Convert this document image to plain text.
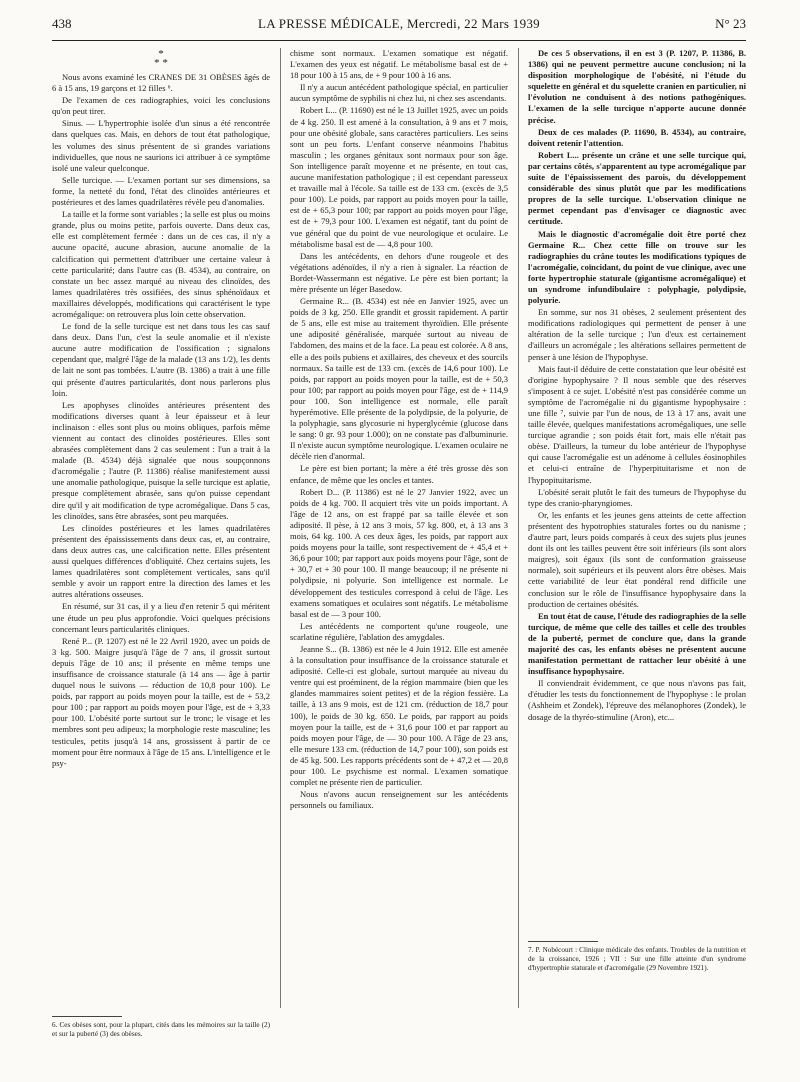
438	LA PRESSE MÉDICALE, Mercredi, 22 Mars 1939	N° 23
*
* *

Nous avons examiné les CRANES DE 31 OBÈSES âgés de 6 à 15 ans, 19 garçons et 12 filles ⁶.

De l'examen de ces radiographies, voici les conclusions qu'on peut tirer.

Sinus. — L'hypertrophie isolée d'un sinus a été rencontrée dans quelques cas. Mais, en dehors de tout état pathologique, les volumes des sinus présentent de si grandes variations individuelles, que nous ne saurions ici attribuer à ce symptôme isolé une valeur quelconque.

Selle turcique. — L'examen portant sur ses dimensions, sa forme, la netteté du fond, l'état des clinoïdes antérieures et postérieures et des lames quadrilatères révèle peu d'anomalies.

La taille et la forme sont variables ; la selle est plus ou moins grande, plus ou moins petite, parfois ouverte. Dans deux cas, elle est complètement fermée : dans un de ces cas, il n'y a aucune opacité, aucune abrasion, aucune anomalie de la calcification qui permettent d'attribuer une certaine valeur à cette particularité; dans l'autre cas (B. 4534), au contraire, on constate un bec assez marqué au niveau des clinoïdes, des lames quadrilatères très ossifiées, des sinus sphénoïdaux et maxillaires développés, modifications qui caractérisent le type acromégalique: on retrouvera plus loin cette observation.

Le fond de la selle turcique est net dans tous les cas sauf dans deux. Dans l'un, c'est la seule anomalie et il n'existe aucune autre modification de l'ossification ; signalons cependant que, malgré l'âge de la malade (13 ans 1/2), les dents de lait ne sont pas tombées. L'autre (B. 1386) a trait à une fille qui présente d'autres particularités, dont nous parlerons plus loin.

Les apophyses clinoïdes antérieures présentent des modifications diverses quant à leur épaisseur et à leur inclinaison : elles sont plus ou moins obliques, parfois même viennent au contact des clinoïdes postérieures. Elles sont abrasées complètement dans 2 cas seulement : l'un a trait à la malade (B. 4534) déjà signalée que nous soupçonnons d'acromégalie ; l'autre (P. 11386) réalise manifestement aussi une anomalie pathologique, puisque la selle turcique est aplatie, presque complètement abrasée, sans qu'on puisse cependant dire qu'il y ait modification de type acromégalique. Dans 5 cas, les clinoïdes, sans être abrasées, sont peu marquées.

Les clinoïdes postérieures et les lames quadrilatères présentent des épaississements dans deux cas, et, au contraire, dans deux autres cas, une calcification nette. Elles présentent aussi quelques différences d'obliquité. Chez certains sujets, les lames quadrilatères sont complètement verticales, sans qu'il semble y avoir un rapport entre la direction des lames et les autres altérations osseuses.

En résumé, sur 31 cas, il y a lieu d'en retenir 5 qui méritent une étude un peu plus approfondie. Voici quelques précisions concernant leurs particularités cliniques.

René P... (P. 1207) est né le 22 Avril 1920, avec un poids de 3 kg. 500. Maigre jusqu'à l'âge de 7 ans, il grossit surtout depuis l'âge de 10 ans; il présente en même temps une insuffisance de croissance staturale (à 14 ans — âge à partir duquel nous le suivons — réduction de 10,8 pour 100). Le poids, par rapport au poids moyen pour la taille, est de + 53,2 pour 100 ; par rapport au poids moyen pour l'âge, est de + 3,33 pour 100. L'obésité porte surtout sur le tronc; le visage et les membres sont peu adipeux; la morphologie reste masculine; les testicules, petits jusqu'à 14 ans, grossissent à partir de ce moment pour être normaux à l'âge de 15 ans. L'intelligence et le psy-

chisme sont normaux. L'examen somatique est négatif. L'examen des yeux est négatif. Le métabolisme basal est de + 18 pour 100 à 15 ans, de + 9 pour 100 à 16 ans.

Il n'y a aucun antécédent pathologique spécial, en particulier aucun symptôme de syphilis ni chez lui, ni chez ses ascendants.

Robert L... (P. 11690) est né le 13 Juillet 1925, avec un poids de 4 kg. 250. Il est amené à la consultation, à 9 ans et 7 mois, pour une obésité globale, sans caractères particuliers. Les seins sont un peu forts. L'enfant conserve néanmoins l'habitus masculin ; les organes génitaux sont normaux pour son âge. Son intelligence paraît moyenne et ne présente, en tout cas, aucune manifestation pathologique ; il est cependant paresseux et travaille mal à l'école. Sa taille est de 133 cm. (excès de 3,5 pour 100). Le poids, par rapport au poids moyen pour la taille, est de + 65,3 pour 100; par rapport au poids moyen pour l'âge, est de + 79,3 pour 100. L'examen est négatif, tant du point de vue général que du point de vue neurologique et oculaire. Le métabolisme basal est de — 4,8 pour 100.

Dans les antécédents, en dehors d'une rougeole et des végétations adénoïdes, il n'y a rien à signaler. La réaction de Bordet-Wassermann est négative. Le père est bien portant; la mère présente un léger Basedow.

Germaine R... (B. 4534) est née en Janvier 1925, avec un poids de 3 kg. 250. Elle grandit et grossit rapidement. A partir de 5 ans, elle est mise au traitement thyroïdien. Elle présente une adiposité généralisée, marquée surtout au niveau de l'abdomen, des mains et de la face. La peau est colorée. A 8 ans, elle a des poils pubiens et axillaires, des cheveux et des sourcils normaux. Sa taille est de 133 cm. (excès de 14,6 pour 100). Le poids, par rapport au poids moyen pour la taille, est de + 50,3 pour 100; par rapport au poids moyen pour l'âge, est de + 114,9 pour 100. Son intelligence est normale, elle paraît hyperémotive. Elle présente de la polydipsie, de la polyurie, de la polyphagie, sans glycosurie ni hyperglycémie (glucose dans le sang: 0 gr. 93 pour 1.000); on ne constate pas d'albuminurie. Il n'existe aucun symptôme neurologique. L'examen oculaire ne décèle rien d'anormal.

Le père est bien portant; la mère a été très grosse dès son enfance, de même que les oncles et tantes.

Robert D... (P. 11386) est né le 27 Janvier 1922, avec un poids de 4 kg. 700. Il acquiert très vite un poids important. A l'âge de 12 ans, on est frappé par sa taille élevée et son adiposité. Il pèse, à 12 ans 3 mois, 57 kg. 800, et, à 13 ans 3 mois, 64 kg. 100. A ces deux âges, les poids, par rapport aux poids moyens pour la taille, sont respectivement de + 45,4 et + 36,6 pour 100; par rapport aux poids moyens pour l'âge, sont de + 30,7 et + 30 pour 100. Il mange beaucoup; il ne présente ni polydipsie, ni polyurie. Son intelligence est normale. Le développement des testicules correspond à celui de l'âge. Les examens somatiques et oculaires sont négatifs. Le métabolisme basal est de — 3 pour 100.

Les antécédents ne comportent qu'une rougeole, une scarlatine régulière, l'ablation des amygdales.

Jeanne S... (B. 1386) est née le 4 Juin 1912. Elle est amenée à la consultation pour insuffisance de la croissance staturale et adiposité. Celle-ci est globale, surtout marquée au niveau du ventre qui est proéminent, de la région mammaire (bien que les glandes mammaires soient petites) et de la région fessière. La taille, à 13 ans 9 mois, est de 121 cm. (réduction de 18,7 pour 100), le poids de 30 kg. 650. Le poids, par rapport au poids moyen pour la taille, est de + 31,6 pour 100 et par rapport au poids moyen pour l'âge, de — 30 pour 100. A l'âge de 23 ans, elle mesure 133 cm. (réduction de 14,7 pour 100), son poids est de 45 kg. 500. Les rapports précédents sont de + 47,2 et — 20,8 pour 100. Le psychisme est normal. L'examen somatique complet ne présente rien de particulier.

Nous n'avons aucun renseignement sur les antécédents personnels ou familiaux.

De ces 5 observations, il en est 3 (P. 1207, P. 11386, B. 1386) qui ne peuvent permettre aucune conclusion; ni la disposition morphologique de l'obésité, ni l'étude du squelette en général et du squelette cranien en particulier, ni l'évolution ne conduisent à des notions pathogéniques. L'examen de la selle turcique n'apporte aucune donnée précise.

Deux de ces malades (P. 11690, B. 4534), au contraire, doivent retenir l'attention.

Robert L... présente un crâne et une selle turcique qui, par certains côtés, s'apparentent au type acromégalique par suite de l'épaississement des parois, du développement considérable des sinus plutôt que par les modifications propres de la selle turcique. L'observation clinique ne permet cependant pas d'envisager ce diagnostic avec certitude.

Mais le diagnostic d'acromégalie doit être porté chez Germaine R... Chez cette fille on trouve sur les radiographies du crâne toutes les modifications typiques de l'acromégalie, coïncidant, du point de vue clinique, avec une forte hypertrophie staturale (gigantisme acromégalique) et un syndrome infundibulaire : polyphagie, polydipsie, polyurie.

En somme, sur nos 31 obèses, 2 seulement présentent des modifications radiologiques qui permettent de penser à une altération de la selle turcique ; l'un d'eux est certainement d'ailleurs un acromégale ; les altérations sellaires permettent de penser à une lésion de l'hypophyse.

Mais faut-il déduire de cette constatation que leur obésité est d'origine hypophysaire ? Il nous semble que des réserves s'imposent à ce sujet. L'obésité n'est pas considérée comme un symptôme de l'acromégalie ni du gigantisme hypophysaire : une fille ⁷, suivie par l'un de nous, de 13 à 17 ans, avait une taille élevée, quelques manifestations acromégaliques, une selle turcique agrandie ; son poids était fort, mais elle n'était pas obèse. D'ailleurs, la tumeur du lobe antérieur de l'hypophyse qui cause l'acromégalie est un adénome à cellules éosinophiles et celui-ci entraîne de l'hyperpituitarisme et non de l'hypopituitarisme.

L'obésité serait plutôt le fait des tumeurs de l'hypophyse du type des cranio-pharyngiomes.

Or, les enfants et les jeunes gens atteints de cette affection présentent des hypotrophies staturales fortes ou du nanisme ; d'autre part, leurs poids comparés à ceux des sujets plus jeunes dont ils ont les tailles peuvent être soit inférieurs (ils sont alors maigres), soit égaux (ils sont de conformation graisseuse normale), soit supérieurs et ils peuvent alors être obèses. Mais cette variabilité de leur état pondéral rend difficile une conclusion sur le rôle de l'insuffisance hypophysaire dans la production de certaines obésités.

En tout état de cause, l'étude des radiographies de la selle turcique, de même que celle des tailles et celle des troubles de la puberté, permet de conclure que, dans la grande majorité des cas, les enfants obèses ne présentent aucune manifestation permettant de rattacher leur obésité à une insuffisance hypophysaire.

Il conviendrait évidemment, ce que nous n'avons pas fait, d'étudier les tests du fonctionnement de l'hypophyse : le prolan (Ashheim et Zondek), l'épreuve des mélanophores (Zondek), le dosage de la thyréo-stimuline (Aron), etc...

6. Ces obèses sont, pour la plupart, cités dans les mémoires sur la taille (2) et sur la puberté (3) des obèses.
7. P. Nobécourt : Clinique médicale des enfants. Troubles de la nutrition et de la croissance, 1926 ; VII : Sur une fille atteinte d'un syndrome d'hypertrophie staturale et d'acromégalie (29 Novembre 1921).
